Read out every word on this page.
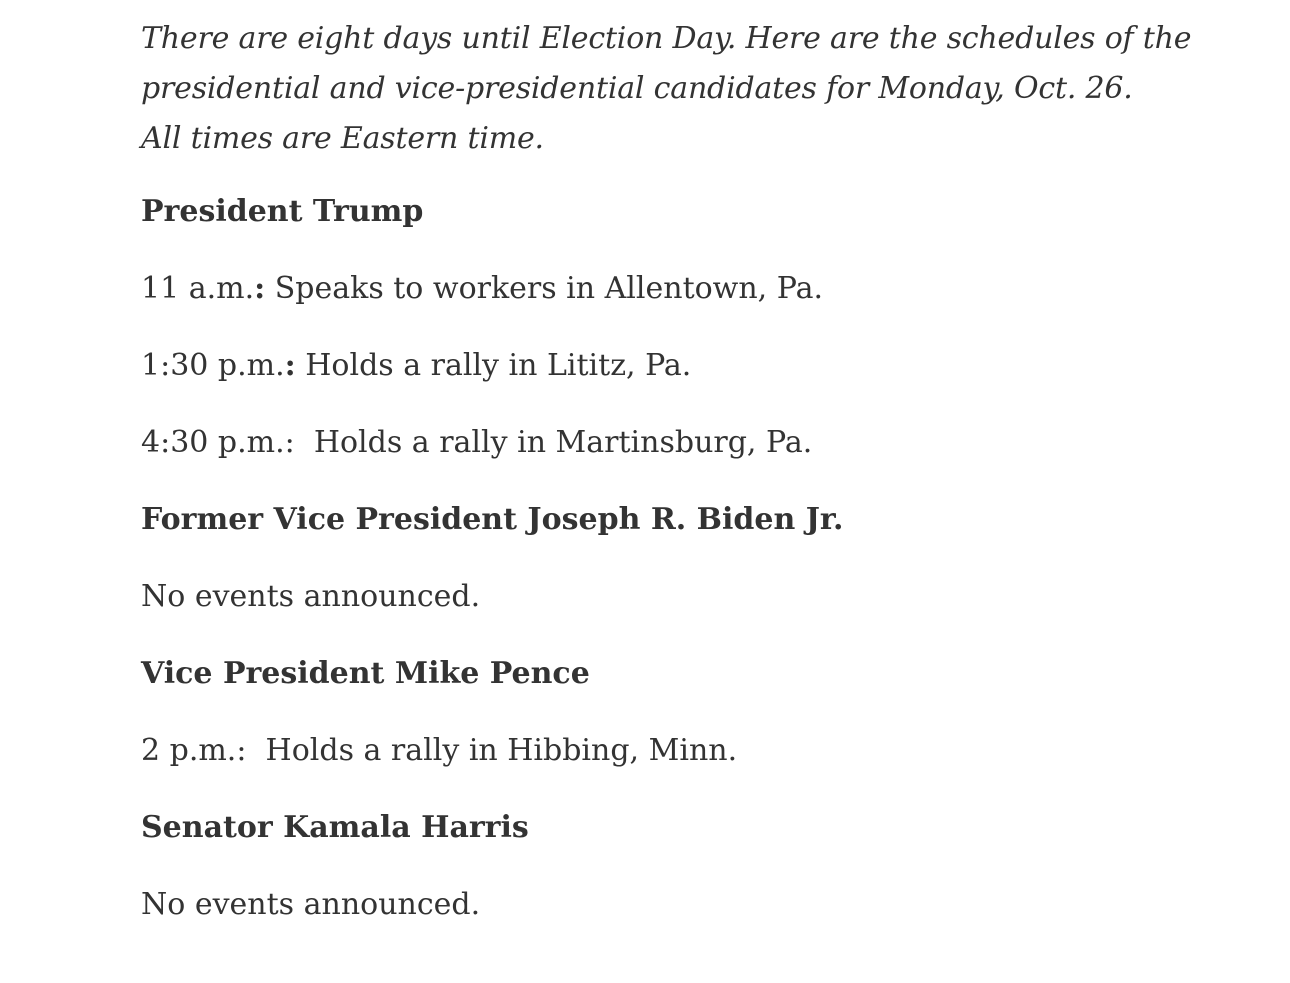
There are eight days until Election Day. Here are the schedules of the
presidential and vice-presidential candidates for Monday, Oct. 26.
All times are Eastern time.

President Trump

11 a.m.: Speaks to workers in Allentown, Pa.

1:30 p.m.: Holds a rally in Lititz, Pa.

4:30 p.m.:  Holds a rally in Martinsburg, Pa.

Former Vice President Joseph R. Biden Jr.

No events announced.

Vice President Mike Pence

2 p.m.:  Holds a rally in Hibbing, Minn.

Senator Kamala Harris

No events announced.
